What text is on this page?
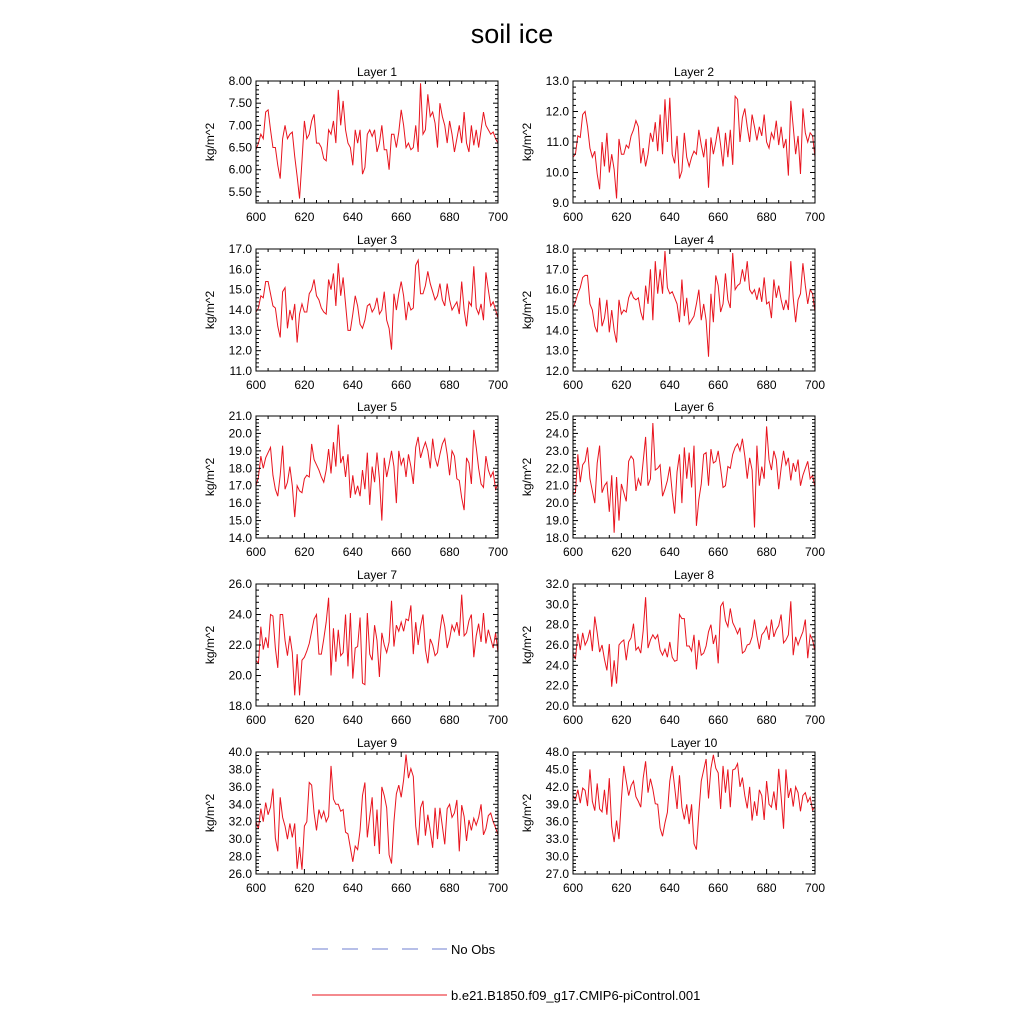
soil ice
Layer 1
600 620 640 660 680 700
5.50
6.00
6.50
7.00
7.50
8.00
kg/m^2
Layer 2
600 620 640 660 680 700
9.0
10.0
11.0
12.0
13.0
kg/m^2
Layer 3
600 620 640 660 680 700
11.0
12.0
13.0
14.0
15.0
16.0
17.0
kg/m^2
Layer 4
600 620 640 660 680 700
12.0
13.0
14.0
15.0
16.0
17.0
18.0
kg/m^2
Layer 5
600 620 640 660 680 700
14.0
15.0
16.0
17.0
18.0
19.0
20.0
21.0
kg/m^2
Layer 6
600 620 640 660 680 700
18.0
19.0
20.0
21.0
22.0
23.0
24.0
25.0
kg/m^2
Layer 7
600 620 640 660 680 700
18.0
20.0
22.0
24.0
26.0
kg/m^2
Layer 8
600 620 640 660 680 700
20.0
22.0
24.0
26.0
28.0
30.0
32.0
kg/m^2
Layer 9
600 620 640 660 680 700
26.0
28.0
30.0
32.0
34.0
36.0
38.0
40.0
kg/m^2
Layer 10
600 620 640 660 680 700
27.0
30.0
33.0
36.0
39.0
42.0
45.0
48.0
kg/m^2
No Obs
b.e21.B1850.f09_g17.CMIP6-piControl.001
